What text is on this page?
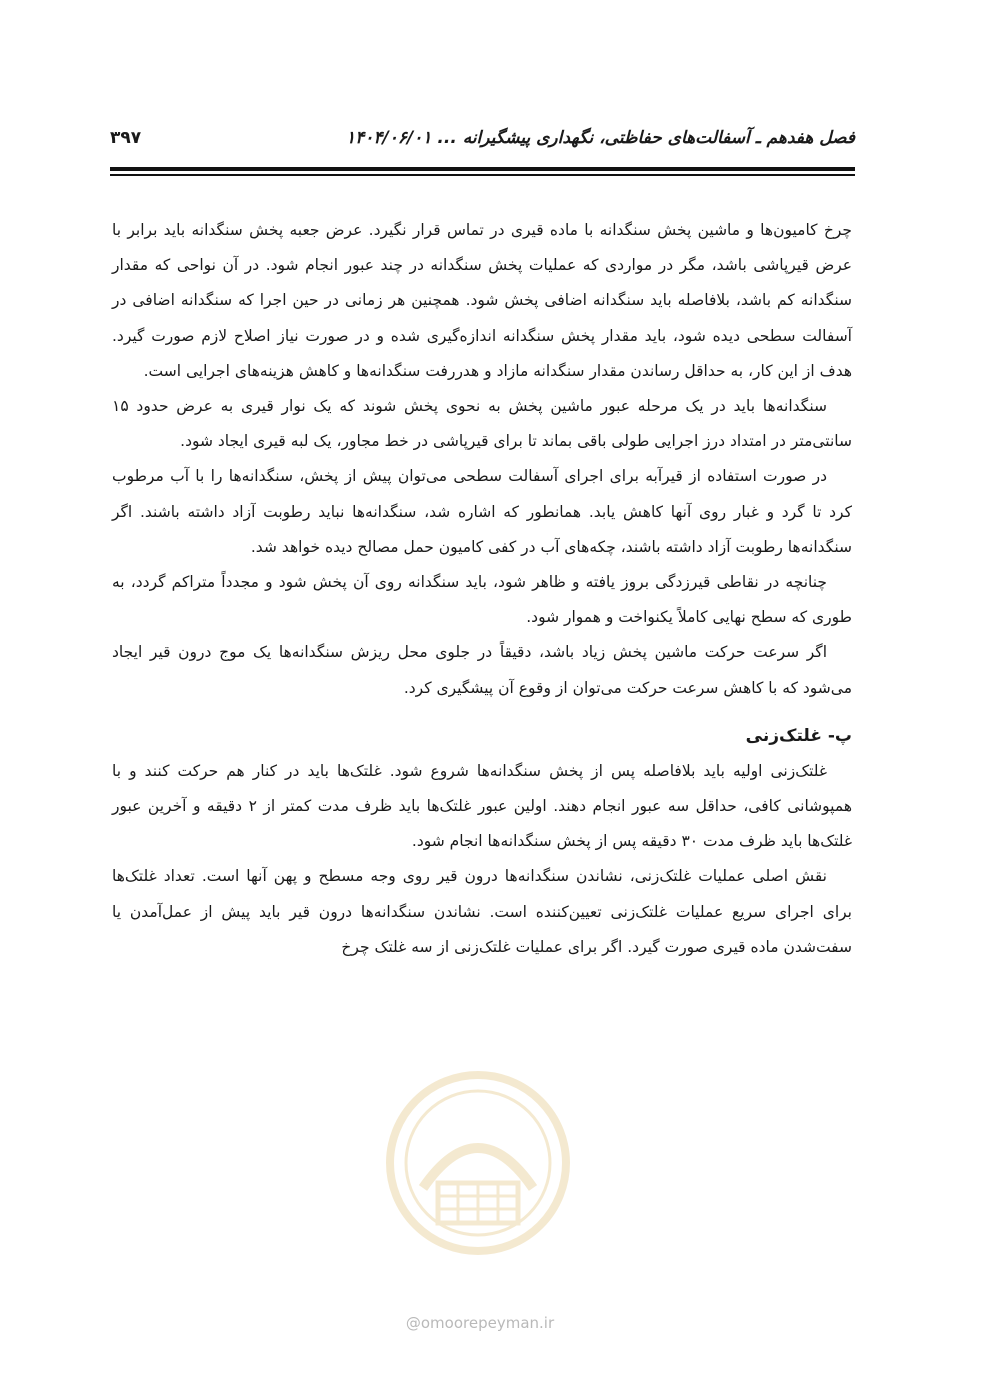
فصل هفدهم ـ آسفالت‌های حفاظتی، نگهداری پیشگیرانه ... ۱۴۰۴/۰۶/۰۱
۳۹۷

چرخ کامیون‌ها و ماشین پخش سنگدانه با ماده قیری در تماس قرار نگیرد. عرض جعبه پخش سنگدانه باید برابر با عرض قیرپاشی باشد، مگر در مواردی که عملیات پخش سنگدانه در چند عبور انجام شود. در آن نواحی که مقدار سنگدانه کم باشد، بلافاصله باید سنگدانه اضافی پخش شود. همچنین هر زمانی در حین اجرا که سنگدانه اضافی در آسفالت سطحی دیده شود، باید مقدار پخش سنگدانه اندازه‌گیری شده و در صورت نیاز اصلاح لازم صورت گیرد. هدف از این کار، به حداقل رساندن مقدار سنگدانه مازاد و هدررفت سنگدانه‌ها و کاهش هزینه‌های اجرایی است.

سنگدانه‌ها باید در یک مرحله عبور ماشین پخش به نحوی پخش شوند که یک نوار قیری به عرض حدود ۱۵ سانتی‌متر در امتداد درز اجرایی طولی باقی بماند تا برای قیرپاشی در خط مجاور، یک لبه قیری ایجاد شود.

در صورت استفاده از قیرآبه برای اجرای آسفالت سطحی می‌توان پیش از پخش، سنگدانه‌ها را با آب مرطوب کرد تا گرد و غبار روی آنها کاهش یابد. همانطور که اشاره شد، سنگدانه‌ها نباید رطوبت آزاد داشته باشند. اگر سنگدانه‌ها رطوبت آزاد داشته باشند، چکه‌های آب در کفی کامیون حمل مصالح دیده خواهد شد.

چنانچه در نقاطی قیرزدگی بروز یافته و ظاهر شود، باید سنگدانه روی آن پخش شود و مجدداً متراکم گردد، به طوری که سطح نهایی کاملاً یکنواخت و هموار شود.

اگر سرعت حرکت ماشین پخش زیاد باشد، دقیقاً در جلوی محل ریزش سنگدانه‌ها یک موج درون قیر ایجاد می‌شود که با کاهش سرعت حرکت می‌توان از وقوع آن پیشگیری کرد.

پ- غلتک‌زنی

غلتک‌زنی اولیه باید بلافاصله پس از پخش سنگدانه‌ها شروع شود. غلتک‌ها باید در کنار هم حرکت کنند و با همپوشانی کافی، حداقل سه عبور انجام دهند. اولین عبور غلتک‌ها باید ظرف مدت کمتر از ۲ دقیقه و آخرین عبور غلتک‌ها باید ظرف مدت ۳۰ دقیقه پس از پخش سنگدانه‌ها انجام شود.

نقش اصلی عملیات غلتک‌زنی، نشاندن سنگدانه‌ها درون قیر روی وجه مسطح و پهن آنها است. تعداد غلتک‌ها برای اجرای سریع عملیات غلتک‌زنی تعیین‌کننده است. نشاندن سنگدانه‌ها درون قیر باید پیش از عمل‌آمدن یا سفت‌شدن ماده قیری صورت گیرد. اگر برای عملیات غلتک‌زنی از سه غلتک چرخ

@omoorepeyman.ir
